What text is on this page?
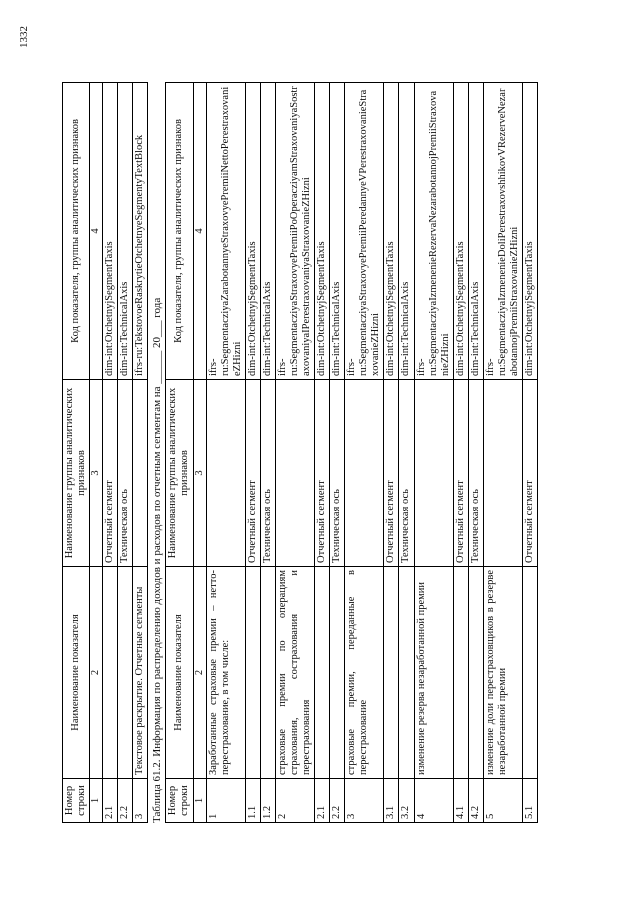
1332
Номер строки	Наименование показателя	Наименование группы аналитических признаков	Код показателя, группы аналитических признаков
1	2	3	4
2.1		Отчетный сегмент	dim-int:OtchetnyjSegmentTaxis
2.2		Техническая ось	dim-int:TechnicalAxis
3	Текстовое раскрытие. Отчетные сегменты		ifrs-ru:TekstovoeRaskrytieOtchetnyeSegmentyTextBlock
Таблица 61.2. Информация по распределению доходов и расходов по отчетным сегментам на ______ 20___ года Номер строки	Наименование показателя	Наименование группы аналитических признаков	Код показателя, группы аналитических признаков
1	2	3	4
1	Заработанные страховые премии – нетто-перестрахование, в том числе:		ifrs-ru:SegmentacziyaZarabotannyeStraxovyePremiiNettoPerestraxovanieZHizni
1.1		Отчетный сегмент	dim-int:OtchetnyjSegmentTaxis
1.2		Техническая ось	dim-int:TechnicalAxis
2	страховые премии по операциям страхования, сострахования и перестрахования		ifrs-ru:SegmentacziyaStraxovyePremiiPoOperacziyamStraxovaniyaSostraxovaniyaIPerestraxovaniyaStraxovanieZHizni
2.1		Отчетный сегмент	dim-int:OtchetnyjSegmentTaxis
2.2		Техническая ось	dim-int:TechnicalAxis
3	страховые премии, переданные в перестрахование		ifrs-ru:SegmentacziyaStraxovyePremiiPeredannyeVPerestraxovanieStraxovanieZHizni
3.1		Отчетный сегмент	dim-int:OtchetnyjSegmentTaxis
3.2		Техническая ось	dim-int:TechnicalAxis
4	изменение резерва незаработанной премии		ifrs-ru:SegmentacziyaIzmenenieRezervaNezarabotannojPremiiStraxovanieZHizni
4.1		Отчетный сегмент	dim-int:OtchetnyjSegmentTaxis
4.2		Техническая ось	dim-int:TechnicalAxis
5	изменение доли перестраховщиков в резерве незаработанной премии		ifrs-ru:SegmentacziyaIzmenenieDoliPerestraxovshhikovVRezerveNezarabotannojPremiiStraxovanieZHizni
5.1		Отчетный сегмент	dim-int:OtchetnyjSegmentTaxis
